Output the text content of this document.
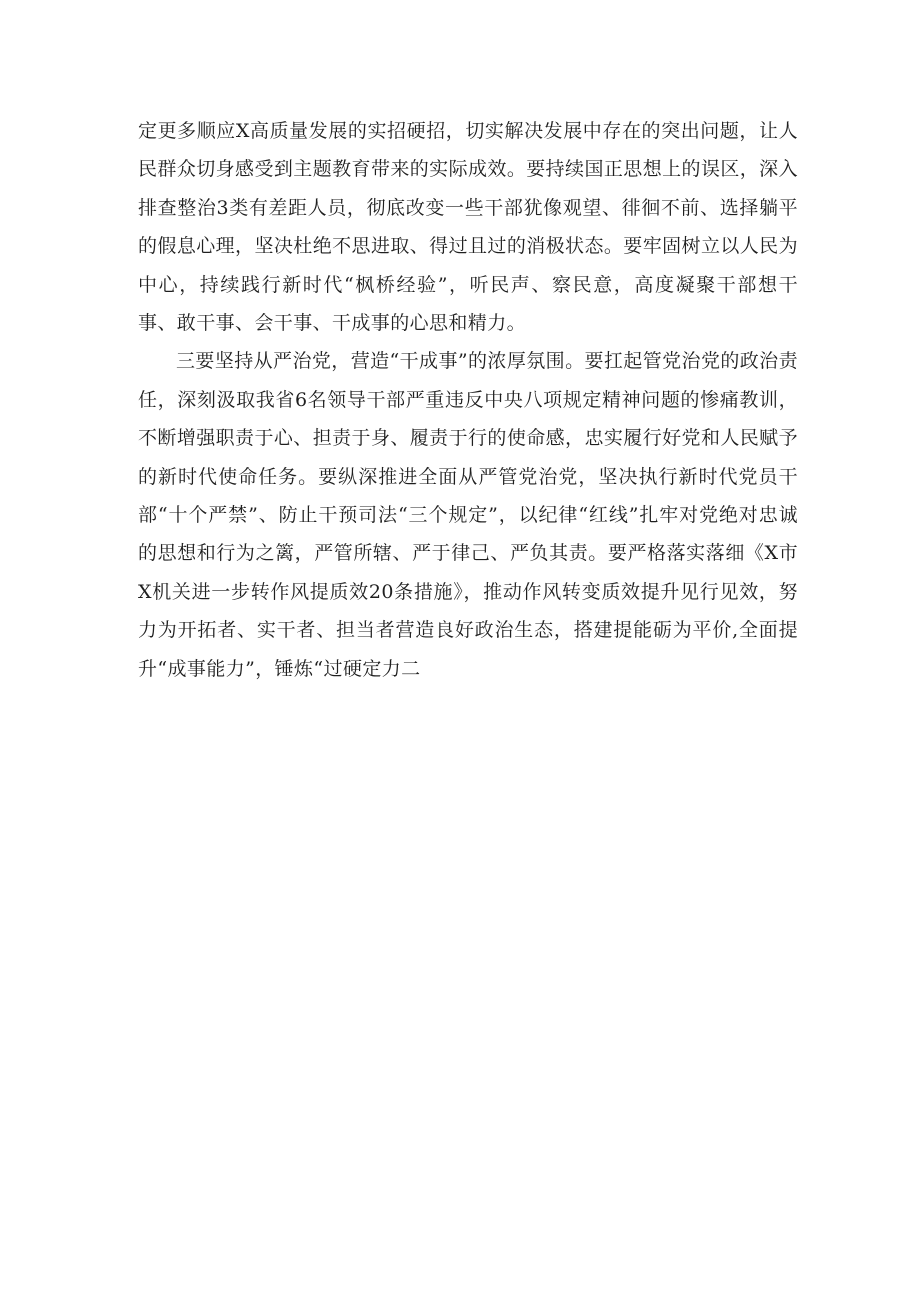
定更多顺应X高质量发展的实招硬招，切实解决发展中存在的突出问题，让人民群众切身感受到主题教育带来的实际成效。要持续国正思想上的误区，深入排查整治3类有差距人员，彻底改变一些干部犹像观望、徘徊不前、选择躺平的假息心理，坚决杜绝不思进取、得过且过的消极状态。要牢固树立以人民为中心，持续践行新时代“枫桥经验”，听民声、察民意，高度凝聚干部想干事、敢干事、会干事、干成事的心思和精力。

三要坚持从严治党，营造“干成事”的浓厚氛围。要扛起管党治党的政治责任，深刻汲取我省6名领导干部严重违反中央八项规定精神问题的惨痛教训，不断增强职责于心、担责于身、履责于行的使命感，忠实履行好党和人民赋予的新时代使命任务。要纵深推进全面从严管党治党，坚决执行新时代党员干部“十个严禁”、防止干预司法“三个规定”，以纪律“红线”扎牢对党绝对忠诚的思想和行为之篱，严管所辖、严于律己、严负其责。要严格落实落细《X市X机关进一步转作风提质效20条措施》，推动作风转变质效提升见行见效，努力为开拓者、实干者、担当者营造良好政治生态，搭建提能砺为平价,全面提升“成事能力”，锤炼“过硬定力二
